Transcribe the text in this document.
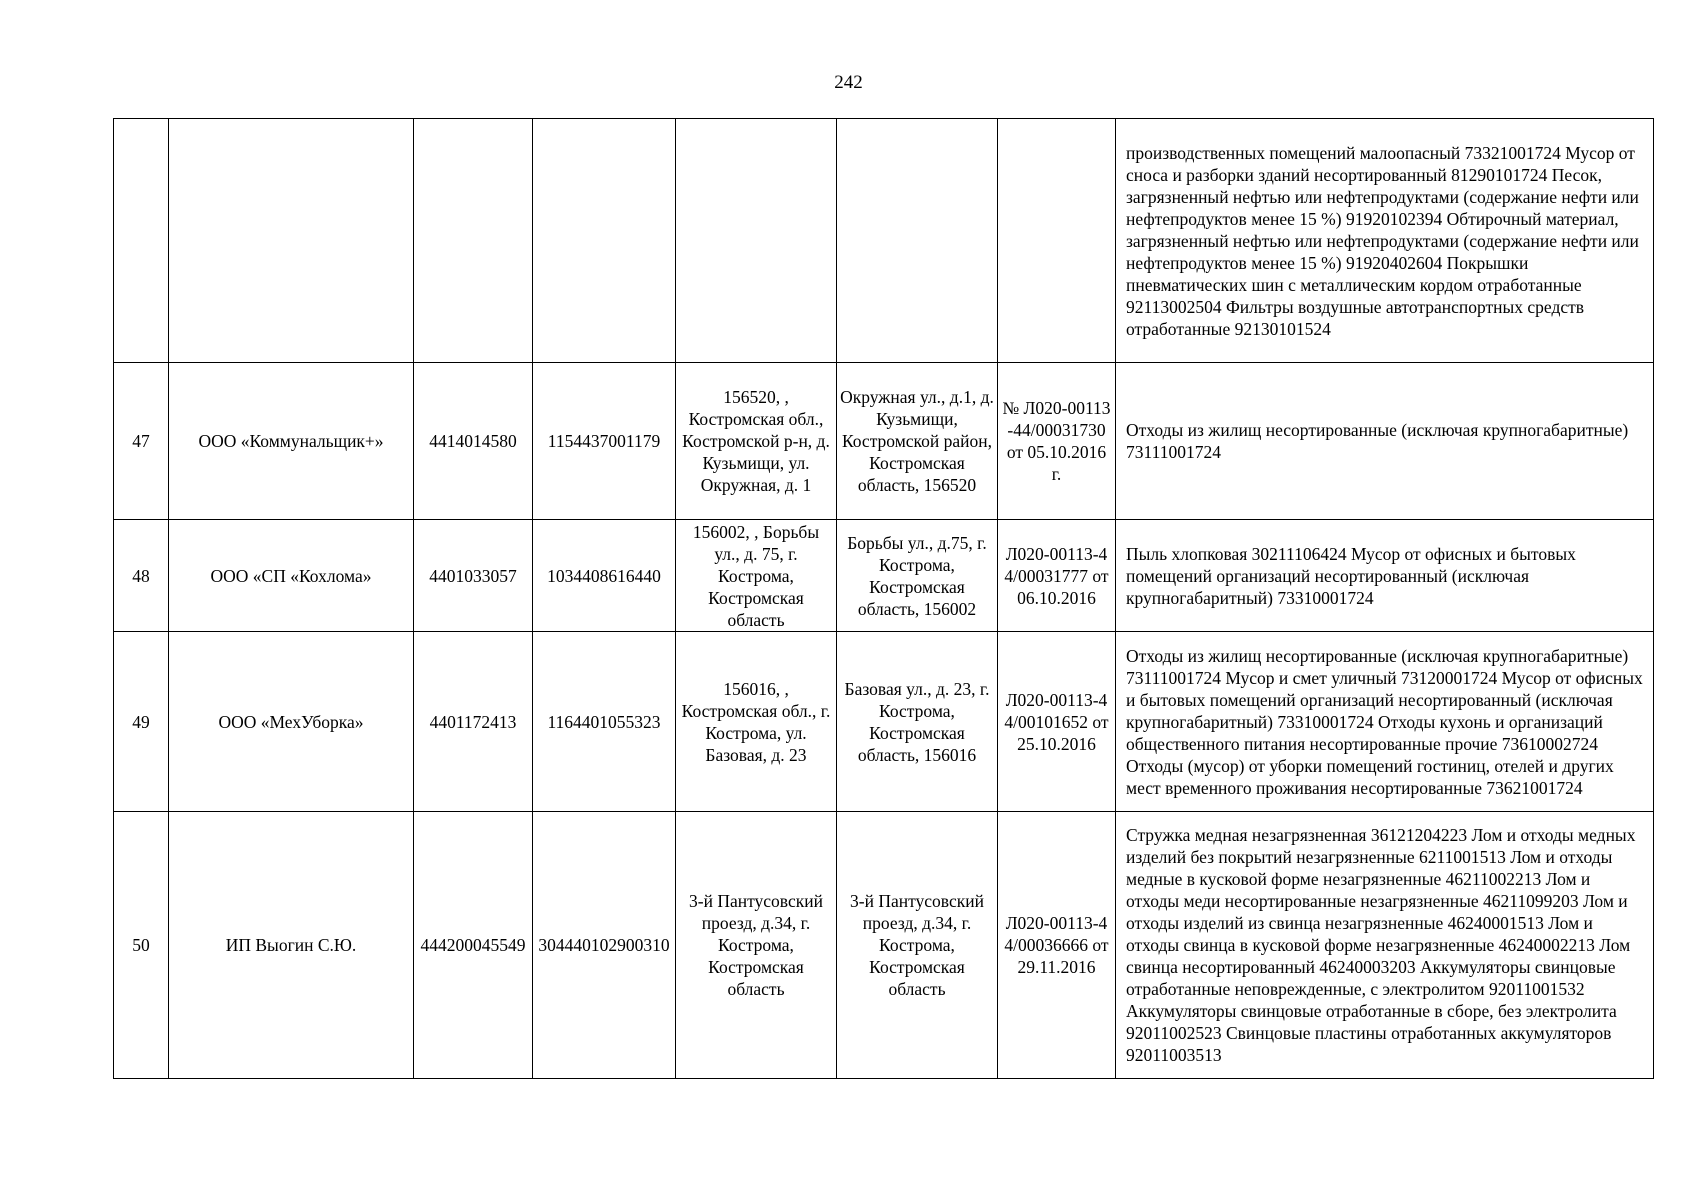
242
							производственных помещений малоопасный 73321001724 Мусор от сноса и разборки зданий несортированный 81290101724 Песок, загрязненный нефтью или нефтепродуктами (содержание нефти или нефтепродуктов менее 15 %) 91920102394 Обтирочный материал, загрязненный нефтью или нефтепродуктами (содержание нефти или нефтепродуктов менее 15 %) 91920402604 Покрышки пневматических шин с металлическим кордом отработанные 92113002504 Фильтры воздушные автотранспортных средств отработанные 92130101524
47	ООО «Коммунальщик+»	4414014580	1154437001179	156520, , Костромская обл., Костромской р-н, д. Кузьмищи, ул. Окружная, д. 1	Окружная ул., д.1, д. Кузьмищи, Костромской район, Костромская область, 156520	№ Л020-00113-44/00031730 от 05.10.2016 г.	Отходы из жилищ несортированные (исключая крупногабаритные) 73111001724
48	ООО «СП «Кохлома»	4401033057	1034408616440	156002, , Борьбы ул., д. 75, г. Кострома, Костромская область	Борьбы ул., д.75, г. Кострома, Костромская область, 156002	Л020-00113-44/00031777 от 06.10.2016	Пыль хлопковая 30211106424 Мусор от офисных и бытовых помещений организаций несортированный (исключая крупногабаритный) 73310001724
49	ООО «МехУборка»	4401172413	1164401055323	156016, , Костромская обл., г. Кострома, ул. Базовая, д. 23	Базовая ул., д. 23, г. Кострома, Костромская область, 156016	Л020-00113-44/00101652 от 25.10.2016	Отходы из жилищ несортированные (исключая крупногабаритные) 73111001724 Мусор и смет уличный 73120001724 Мусор от офисных и бытовых помещений организаций несортированный (исключая крупногабаритный) 73310001724 Отходы кухонь и организаций общественного питания несортированные прочие 73610002724 Отходы (мусор) от уборки помещений гостиниц, отелей и других мест временного проживания несортированные 73621001724
50	ИП Выогин С.Ю.	444200045549	304440102900310	3-й Пантусовский проезд, д.34, г. Кострома, Костромская область	3-й Пантусовский проезд, д.34, г. Кострома, Костромская область	Л020-00113-44/00036666 от 29.11.2016	Стружка медная незагрязненная 36121204223 Лом и отходы медных изделий без покрытий незагрязненные 6211001513 Лом и отходы медные в кусковой форме незагрязненные 46211002213 Лом и отходы меди несортированные незагрязненные 46211099203 Лом и отходы изделий из свинца незагрязненные 46240001513 Лом и отходы свинца в кусковой форме незагрязненные 46240002213 Лом свинца несортированный 46240003203 Аккумуляторы свинцовые отработанные неповрежденные, с электролитом 92011001532 Аккумуляторы свинцовые отработанные в сборе, без электролита 92011002523 Свинцовые пластины отработанных аккумуляторов 92011003513
